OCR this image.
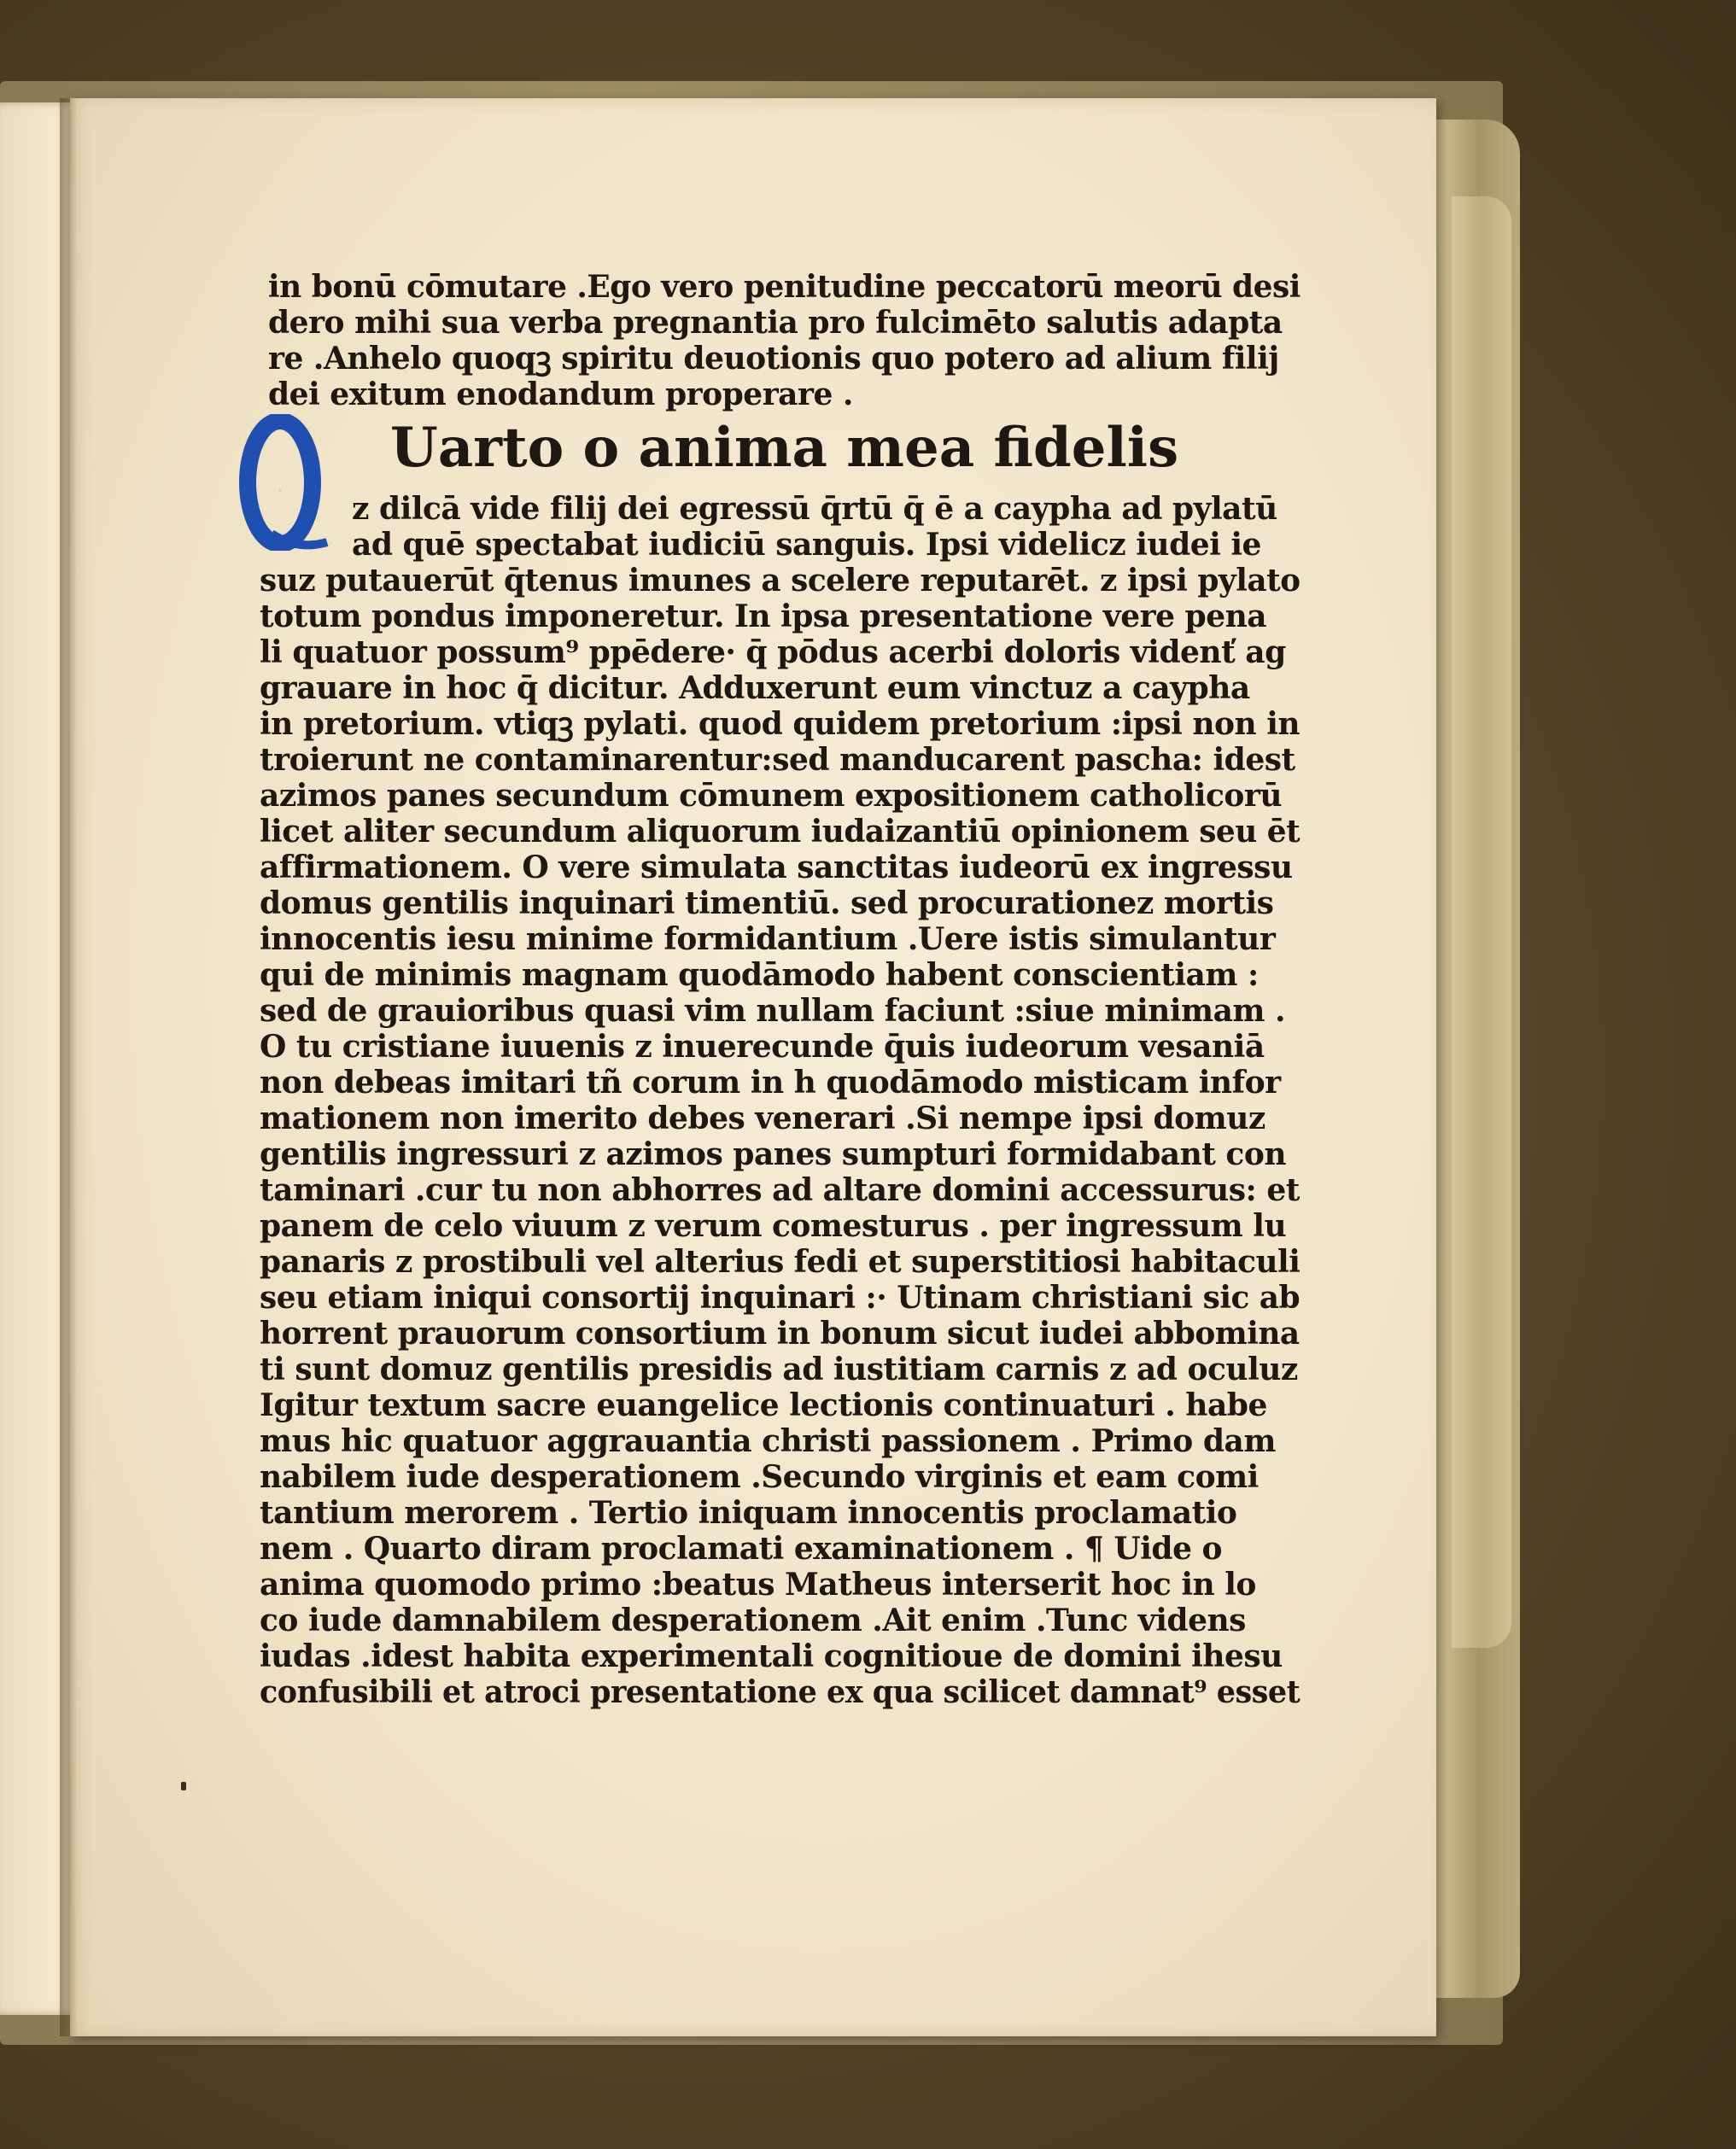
in bonū cōmutare .Ego vero penitudine peccatorū meorū desi
dero mihi sua verba pregnantia pro fulcimēto salutis adapta
re .Anhelo quoqꝫ spiritu deuotionis quo potero ad alium filij
dei exitum enodandum properare .
Q
Uarto o anima mea fidelis
z dilcā vide filij dei egressū q̄rtū q̄ ē a caypha ad pylatū
ad quē spectabat iudiciū sanguis. Ipsi videlicz iudei ie
suz putauerūt q̄tenus imunes a scelere reputarēt. z ipsi pylato
totum pondus imponeretur. In ipsa presentatione vere pena
li quatuor possum⁹ ppēdere· q̄ pōdus acerbi doloris videnť ag
grauare in hoc q̄ dicitur. Adduxerunt eum vinctuz a caypha
in pretorium. vtiqꝫ pylati. quod quidem pretorium :ipsi non in
troierunt ne contaminarentur:sed manducarent pascha: idest
azimos panes secundum cōmunem expositionem catholicorū
licet aliter secundum aliquorum iudaizantiū opinionem seu ēt
affirmationem. O vere simulata sanctitas iudeorū ex ingressu
domus gentilis inquinari timentiū. sed procurationez mortis
innocentis iesu minime formidantium .Uere istis simulantur
qui de minimis magnam quodāmodo habent conscientiam :
sed de grauioribus quasi vim nullam faciunt :siue minimam .
O tu cristiane iuuenis z inuerecunde q̄uis iudeorum vesaniā
non debeas imitari tñ corum in h quodāmodo misticam infor
mationem non imerito debes venerari .Si nempe ipsi domuz
gentilis ingressuri z azimos panes sumpturi formidabant con
taminari .cur tu non abhorres ad altare domini accessurus: et
panem de celo viuum z verum comesturus . per ingressum lu
panaris z prostibuli vel alterius fedi et superstitiosi habitaculi
seu etiam iniqui consortij inquinari :· Utinam christiani sic ab
horrent prauorum consortium in bonum sicut iudei abbomina
ti sunt domuz gentilis presidis ad iustitiam carnis z ad oculuz
Igitur textum sacre euangelice lectionis continuaturi . habe
mus hic quatuor aggrauantia christi passionem . Primo dam
nabilem iude desperationem .Secundo virginis et eam comi
tantium merorem . Tertio iniquam innocentis proclamatio
nem . Quarto diram proclamati examinationem . ¶ Uide o
anima quomodo primo :beatus Matheus interserit hoc in lo
co iude damnabilem desperationem .Ait enim .Tunc videns
iudas .idest habita experimentali cognitioue de domini ihesu
confusibili et atroci presentatione ex qua scilicet damnat⁹ esset
